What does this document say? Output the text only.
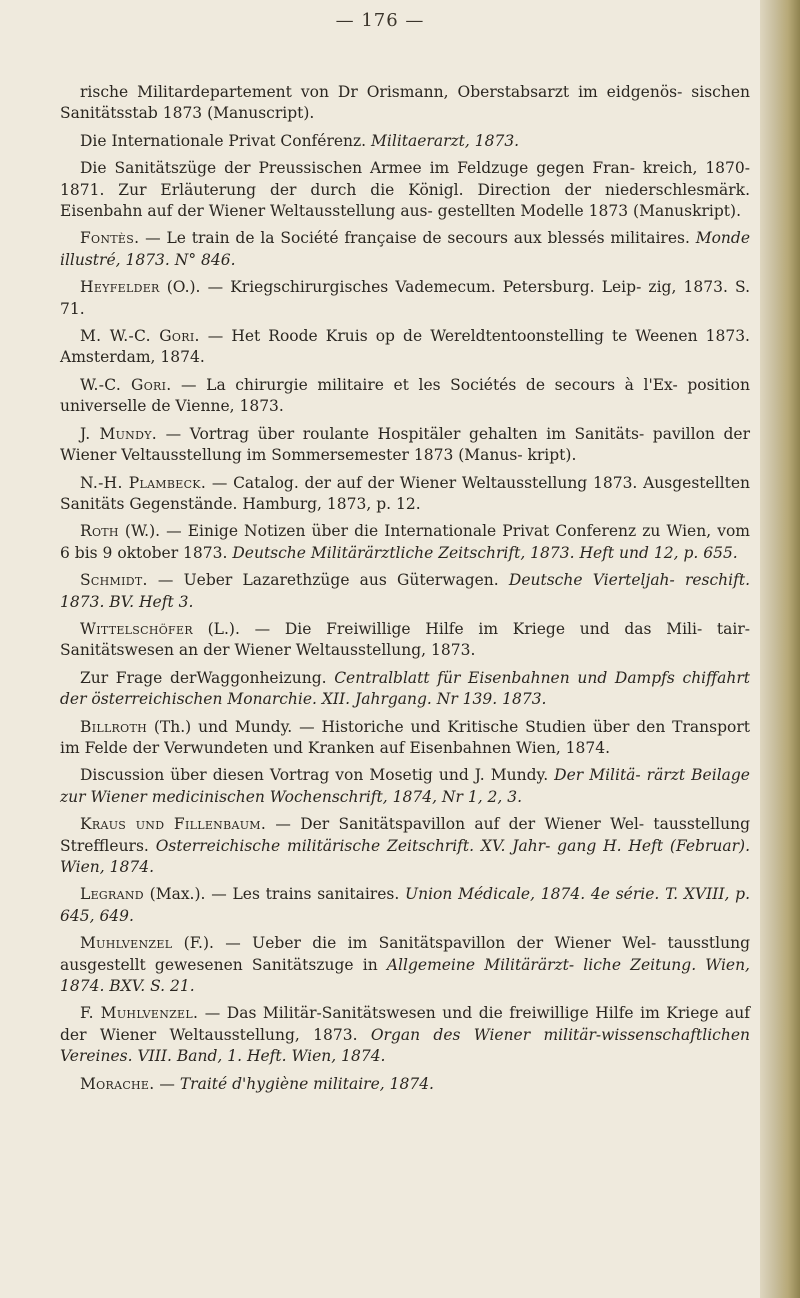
— 176 —

rische Militardepartement von Dr Orismann, Oberstabsarzt im eidgenös- sischen Sanitätsstab 1873 (Manuscript).

Die Internationale Privat Conférenz. Militaerarzt, 1873.

Die Sanitätszüge der Preussischen Armee im Feldzuge gegen Fran- kreich, 1870-1871. Zur Erläuterung der durch die Königl. Direction der niederschlesmärk. Eisenbahn auf der Wiener Weltausstellung aus- gestellten Modelle 1873 (Manuskript).

Fontès. — Le train de la Société française de secours aux blessés militaires. Monde illustré, 1873. N° 846.

Heyfelder (O.). — Kriegschirurgisches Vademecum. Petersburg. Leip- zig, 1873. S. 71.

M. W.-C. Gori. — Het Roode Kruis op de Wereldtentoonstelling te Weenen 1873. Amsterdam, 1874.

W.-C. Gori. — La chirurgie militaire et les Sociétés de secours à l'Ex- position universelle de Vienne, 1873.

J. Mundy. — Vortrag über roulante Hospitäler gehalten im Sanitäts- pavillon der Wiener Veltausstellung im Sommersemester 1873 (Manus- kript).

N.-H. Plambeck. — Catalog. der auf der Wiener Weltausstellung 1873. Ausgestellten Sanitäts Gegenstände. Hamburg, 1873, p. 12.

Roth (W.). — Einige Notizen über die Internationale Privat Conferenz zu Wien, vom 6 bis 9 oktober 1873. Deutsche Militärärztliche Zeitschrift, 1873. Heft und 12, p. 655.

Schmidt. — Ueber Lazarethzüge aus Güterwagen. Deutsche Vierteljah- reschift. 1873. BV. Heft 3.

Wittelschöfer (L.). — Die Freiwillige Hilfe im Kriege und das Mili- tair-Sanitätswesen an der Wiener Weltausstellung, 1873.

Zur Frage derWaggonheizung. Centralblatt für Eisenbahnen und Dampfs chiffahrt der österreichischen Monarchie. XII. Jahrgang. Nr 139. 1873.

Billroth (Th.) und Mundy. — Historiche und Kritische Studien über den Transport im Felde der Verwundeten und Kranken auf Eisenbahnen Wien, 1874.

Discussion über diesen Vortrag von Mosetig und J. Mundy. Der Militä- rärzt Beilage zur Wiener medicinischen Wochenschrift, 1874, Nr 1, 2, 3.

Kraus und Fillenbaum. — Der Sanitätspavillon auf der Wiener Wel- tausstellung Streffleurs. Osterreichische militärische Zeitschrift. XV. Jahr- gang H. Heft (Februar). Wien, 1874.

Legrand (Max.). — Les trains sanitaires. Union Médicale, 1874. 4e série. T. XVIII, p. 645, 649.

Muhlvenzel (F.). — Ueber die im Sanitätspavillon der Wiener Wel- tausstlung ausgestellt gewesenen Sanitätszuge in Allgemeine Militärärzt- liche Zeitung. Wien, 1874. BXV. S. 21.

F. Muhlvenzel. — Das Militär-Sanitätswesen und die freiwillige Hilfe im Kriege auf der Wiener Weltausstellung, 1873. Organ des Wiener militär-wissenschaftlichen Vereines. VIII. Band, 1. Heft. Wien, 1874.

Morache. — Traité d'hygiène militaire, 1874.
